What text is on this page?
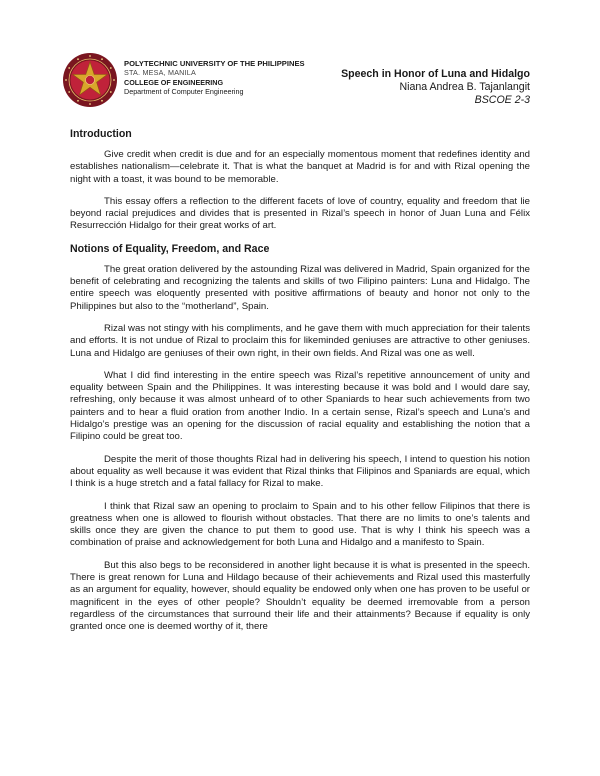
POLYTECHNIC UNIVERSITY OF THE PHILIPPINES
STA. MESA, MANILA
COLLEGE OF ENGINEERING
Department of Computer Engineering
Speech in Honor of Luna and Hidalgo
Niana Andrea B. Tajanlangit
BSCOE 2-3
Introduction

Give credit when credit is due and for an especially momentous moment that redefines identity and establishes nationalism—celebrate it. That is what the banquet at Madrid is for and with Rizal opening the night with a toast, it was bound to be memorable.

This essay offers a reflection to the different facets of love of country, equality and freedom that lie beyond racial prejudices and divides that is presented in Rizal’s speech in honor of Juan Luna and Félix Resurrección Hidalgo for their great works of art.

Notions of Equality, Freedom, and Race

The great oration delivered by the astounding Rizal was delivered in Madrid, Spain organized for the benefit of celebrating and recognizing the talents and skills of two Filipino painters: Luna and Hidalgo. The entire speech was eloquently presented with positive affirmations of beauty and honor not only to the Philippines but also to the “motherland”, Spain.

Rizal was not stingy with his compliments, and he gave them with much appreciation for their talents and efforts. It is not undue of Rizal to proclaim this for likeminded geniuses are attractive to other geniuses. Luna and Hidalgo are geniuses of their own right, in their own fields. And Rizal was one as well.

What I did find interesting in the entire speech was Rizal’s repetitive announcement of unity and equality between Spain and the Philippines. It was interesting because it was bold and I would dare say, refreshing, only because it was almost unheard of to other Spaniards to hear such achievements from two painters and to hear a fluid oration from another Indio. In a certain sense, Rizal’s speech and Luna’s and Hidalgo’s prestige was an opening for the discussion of racial equality and establishing the notion that a Filipino could be great too.

Despite the merit of those thoughts Rizal had in delivering his speech, I intend to question his notion about equality as well because it was evident that Rizal thinks that Filipinos and Spaniards are equal, which I think is a huge stretch and a fatal fallacy for Rizal to make.

I think that Rizal saw an opening to proclaim to Spain and to his other fellow Filipinos that there is greatness when one is allowed to flourish without obstacles. That there are no limits to one’s talents and skills once they are given the chance to put them to good use. That is why I think his speech was a combination of praise and acknowledgement for both Luna and Hidalgo and a manifesto to Spain.

But this also begs to be reconsidered in another light because it is what is presented in the speech. There is great renown for Luna and Hildago because of their achievements and Rizal used this masterfully as an argument for equality, however, should equality be endowed only when one has proven to be useful or magnificent in the eyes of other people? Shouldn’t equality be deemed irremovable from a person regardless of the circumstances that surround their life and their attainments? Because if equality is only granted once one is deemed worthy of it, there
